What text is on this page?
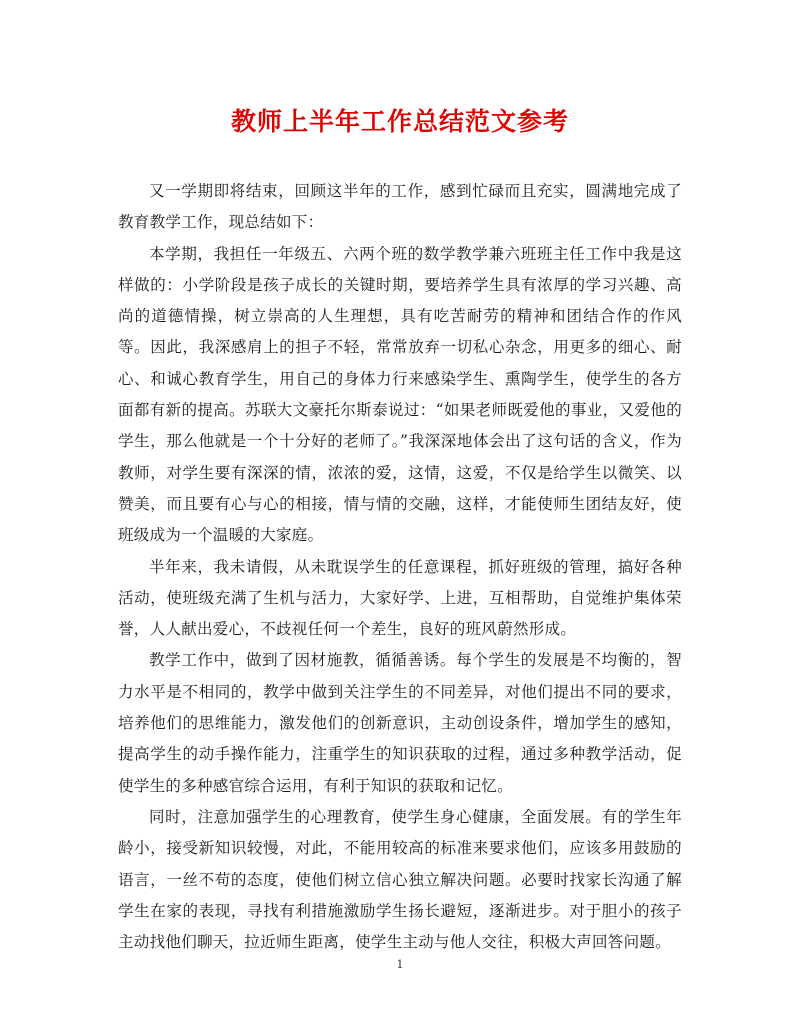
教师上半年工作总结范文参考

又一学期即将结束，回顾这半年的工作，感到忙碌而且充实，圆满地完成了教育教学工作，现总结如下：

本学期，我担任一年级五、六两个班的数学教学兼六班班主任工作中我是这样做的：小学阶段是孩子成长的关键时期，要培养学生具有浓厚的学习兴趣、高尚的道德情操，树立崇高的人生理想，具有吃苦耐劳的精神和团结合作的作风等。因此，我深感肩上的担子不轻，常常放弃一切私心杂念，用更多的细心、耐心、和诚心教育学生，用自己的身体力行来感染学生、熏陶学生，使学生的各方面都有新的提高。苏联大文豪托尔斯泰说过：“如果老师既爱他的事业，又爱他的学生，那么他就是一个十分好的老师了。”我深深地体会出了这句话的含义，作为教师，对学生要有深深的情，浓浓的爱，这情，这爱，不仅是给学生以微笑、以赞美，而且要有心与心的相接，情与情的交融，这样，才能使师生团结友好，使班级成为一个温暖的大家庭。

半年来，我未请假，从未耽误学生的任意课程，抓好班级的管理，搞好各种活动，使班级充满了生机与活力，大家好学、上进，互相帮助，自觉维护集体荣誉，人人献出爱心，不歧视任何一个差生，良好的班风蔚然形成。

教学工作中，做到了因材施教，循循善诱。每个学生的发展是不均衡的，智力水平是不相同的，教学中做到关注学生的不同差异，对他们提出不同的要求，培养他们的思维能力，激发他们的创新意识，主动创设条件，增加学生的感知，提高学生的动手操作能力，注重学生的知识获取的过程，通过多种教学活动，促使学生的多种感官综合运用，有利于知识的获取和记忆。

同时，注意加强学生的心理教育，使学生身心健康，全面发展。有的学生年龄小，接受新知识较慢，对此，不能用较高的标准来要求他们，应该多用鼓励的语言，一丝不苟的态度，使他们树立信心独立解决问题。必要时找家长沟通了解学生在家的表现，寻找有利措施激励学生扬长避短，逐渐进步。对于胆小的孩子主动找他们聊天，拉近师生距离，使学生主动与他人交往，积极大声回答问题。

1
